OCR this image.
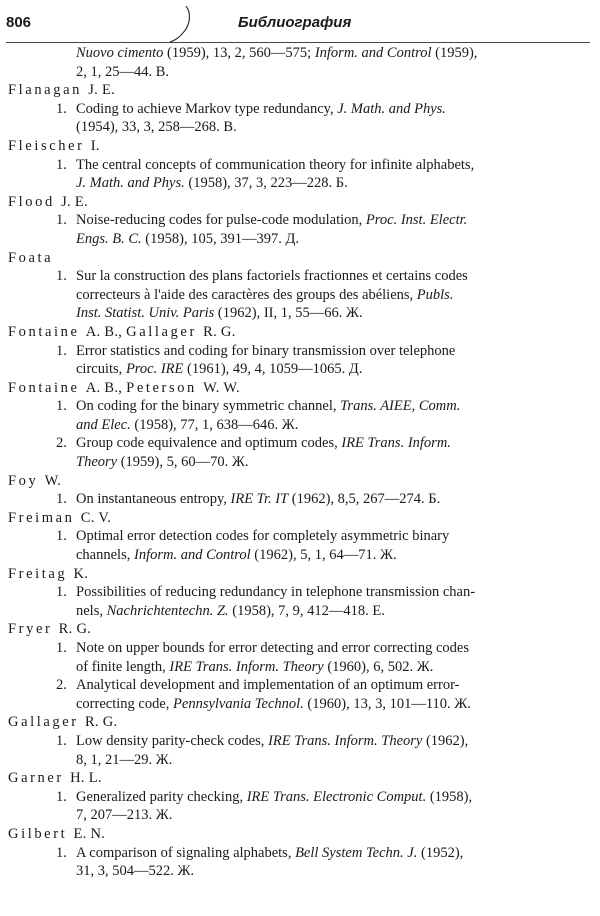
806	Библиография
Nuovo cimento (1959), 13, 2, 560—575; Inform. and Control (1959),
2, 1, 25—44. В.
Flanagan J. E.
1. Coding to achieve Markov type redundancy, J. Math. and Phys.
(1954), 33, 3, 258—268. В.
Fleischer I.
1. The central concepts of communication theory for infinite alphabets,
J. Math. and Phys. (1958), 37, 3, 223—228. Б.
Flood J. E.
1. Noise-reducing codes for pulse-code modulation, Proc. Inst. Electr.
Engs. B. C. (1958), 105, 391—397. Д.
Foata
1. Sur la construction des plans factoriels fractionnes et certains codes
correcteurs à l'aide des caractères des groups des abéliens, Publs.
Inst. Statist. Univ. Paris (1962), II, 1, 55—66. Ж.
Fontaine A. B., Gallager R. G.
1. Error statistics and coding for binary transmission over telephone
circuits, Proc. IRE (1961), 49, 4, 1059—1065. Д.
Fontaine A. B., Peterson W. W.
1. On coding for the binary symmetric channel, Trans. AIEE, Comm.
and Elec. (1958), 77, 1, 638—646. Ж.
2. Group code equivalence and optimum codes, IRE Trans. Inform.
Theory (1959), 5, 60—70. Ж.
Foy W.
1. On instantaneous entropy, IRE Tr. IT (1962), 8,5, 267—274. Б.
Freiman C. V.
1. Optimal error detection codes for completely asymmetric binary
channels, Inform. and Control (1962), 5, 1, 64—71. Ж.
Freitag K.
1. Possibilities of reducing redundancy in telephone transmission chan-
nels, Nachrichtentechn. Z. (1958), 7, 9, 412—418. Е.
Fryer R. G.
1. Note on upper bounds for error detecting and error correcting codes
of finite length, IRE Trans. Inform. Theory (1960), 6, 502. Ж.
2. Analytical development and implementation of an optimum error-
correcting code, Pennsylvania Technol. (1960), 13, 3, 101—110. Ж.
Gallager R. G.
1. Low density parity-check codes, IRE Trans. Inform. Theory (1962),
8, 1, 21—29. Ж.
Garner H. L.
1. Generalized parity checking, IRE Trans. Electronic Comput. (1958),
7, 207—213. Ж.
Gilbert E. N.
1. A comparison of signaling alphabets, Bell System Techn. J. (1952),
31, 3, 504—522. Ж.
